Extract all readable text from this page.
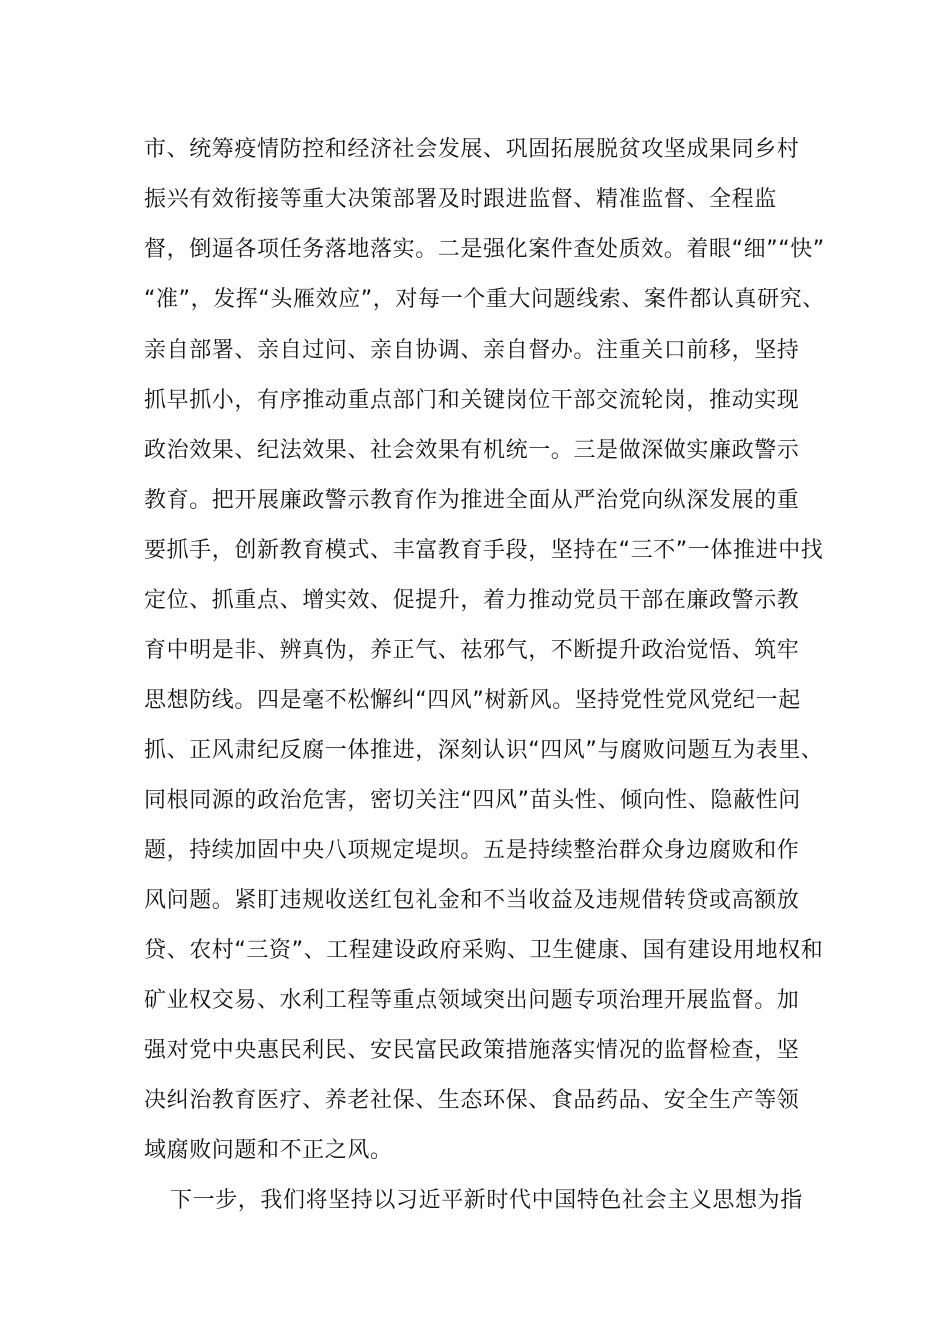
市、统筹疫情防控和经济社会发展、巩固拓展脱贫攻坚成果同乡村
振兴有效衔接等重大决策部署及时跟进监督、精准监督、全程监
督，倒逼各项任务落地落实。二是强化案件查处质效。着眼“细”“快”
“准”，发挥“头雁效应”，对每一个重大问题线索、案件都认真研究、
亲自部署、亲自过问、亲自协调、亲自督办。注重关口前移，坚持
抓早抓小，有序推动重点部门和关键岗位干部交流轮岗，推动实现
政治效果、纪法效果、社会效果有机统一。三是做深做实廉政警示
教育。把开展廉政警示教育作为推进全面从严治党向纵深发展的重
要抓手，创新教育模式、丰富教育手段，坚持在“三不”一体推进中找
定位、抓重点、增实效、促提升，着力推动党员干部在廉政警示教
育中明是非、辨真伪，养正气、祛邪气，不断提升政治觉悟、筑牢
思想防线。四是毫不松懈纠“四风”树新风。坚持党性党风党纪一起
抓、正风肃纪反腐一体推进，深刻认识“四风”与腐败问题互为表里、
同根同源的政治危害，密切关注“四风”苗头性、倾向性、隐蔽性问
题，持续加固中央八项规定堤坝。五是持续整治群众身边腐败和作
风问题。紧盯违规收送红包礼金和不当收益及违规借转贷或高额放
贷、农村“三资”、工程建设政府采购、卫生健康、国有建设用地权和
矿业权交易、水利工程等重点领域突出问题专项治理开展监督。加
强对党中央惠民利民、安民富民政策措施落实情况的监督检查，坚
决纠治教育医疗、养老社保、生态环保、食品药品、安全生产等领
域腐败问题和不正之风。
下一步，我们将坚持以习近平新时代中国特色社会主义思想为指
